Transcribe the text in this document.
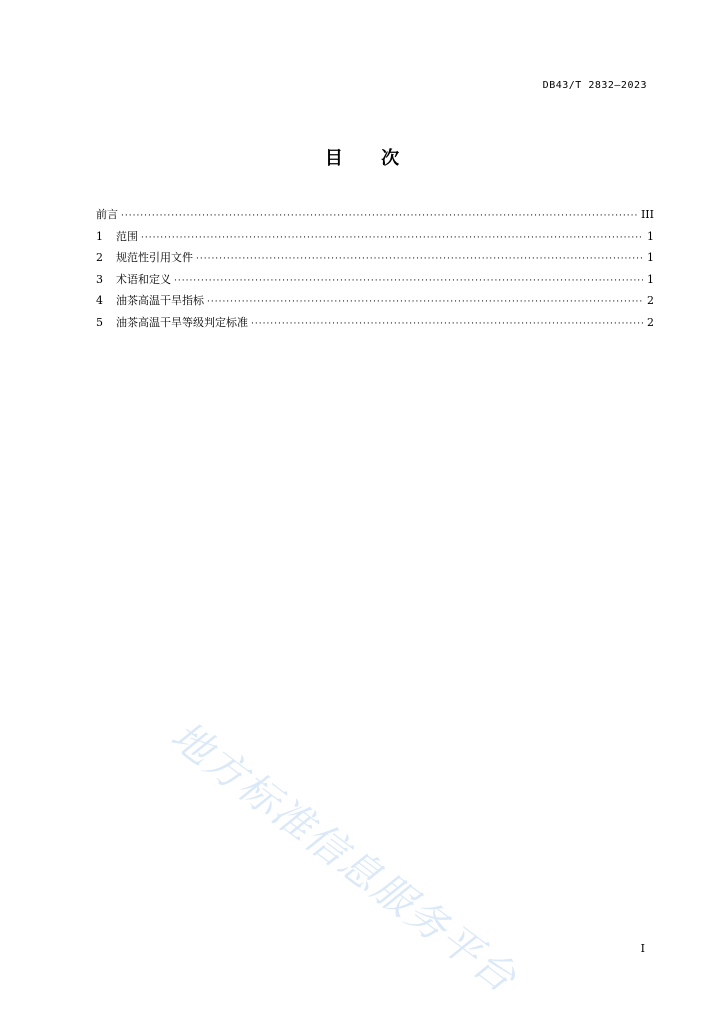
DB43/T 2832—2023
目 次
前言 ·····	III
1	范围 ·····	1
2	规范性引用文件 ·····	1
3	术语和定义 ·····	1
4	油茶高温干旱指标 ·····	2
5	油茶高温干旱等级判定标准 ·····	2
地方标准信息服务平台	I
